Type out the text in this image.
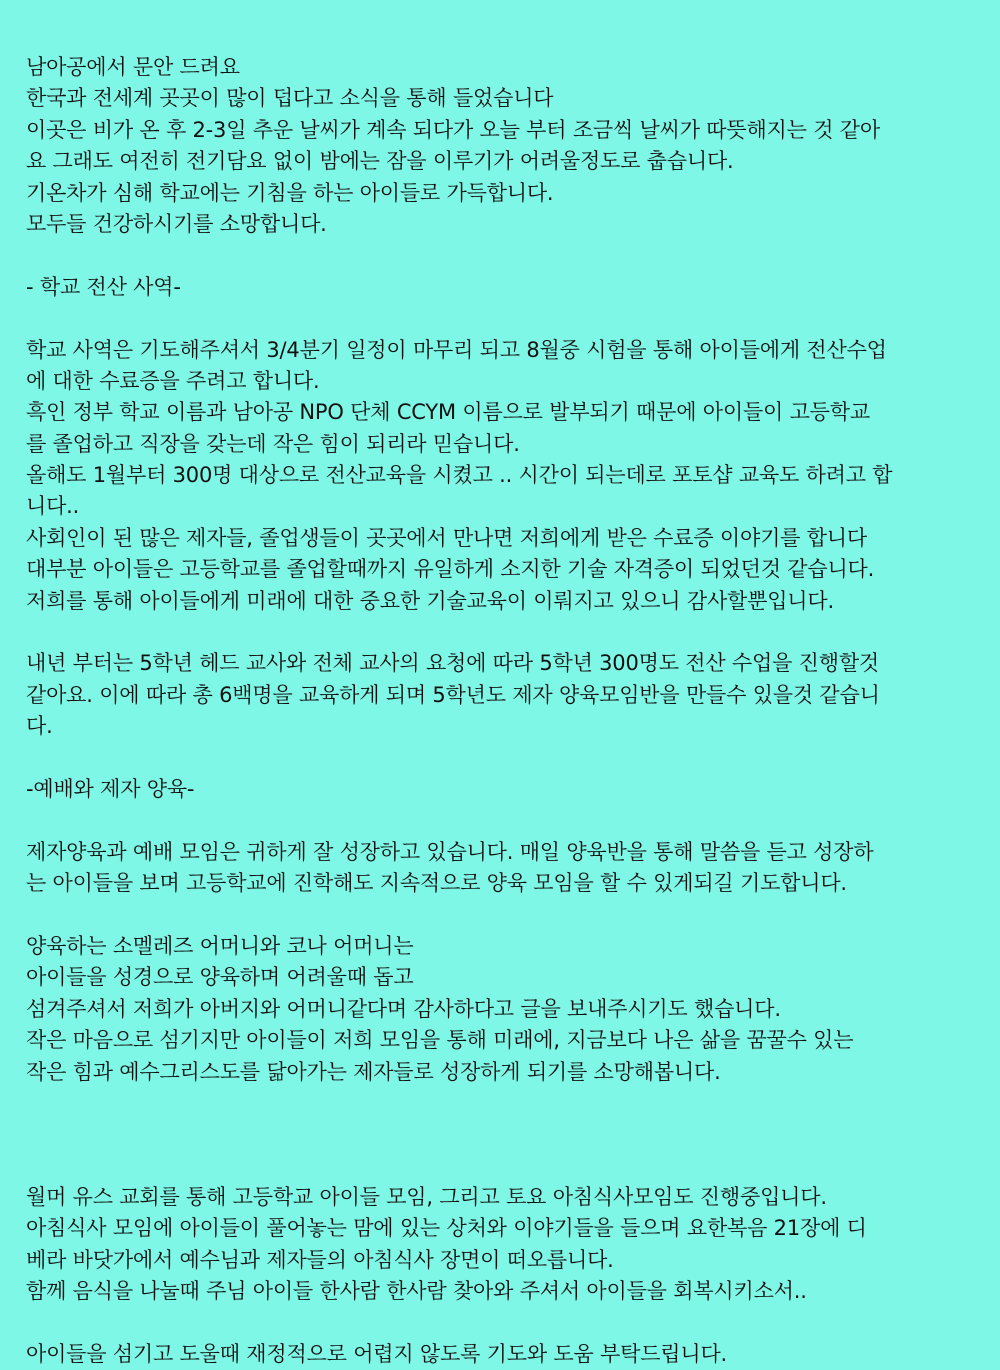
남아공에서 문안 드려요
한국과 전세계 곳곳이 많이 덥다고 소식을 통해 들었습니다
이곳은 비가 온 후 2-3일 추운 날씨가 계속 되다가 오늘 부터 조금씩 날씨가 따뜻해지는 것 같아
요 그래도 여전히 전기담요 없이 밤에는 잠을 이루기가 어려울정도로 춥습니다.
기온차가 심해 학교에는 기침을 하는 아이들로 가득합니다.
모두들 건강하시기를 소망합니다.
- 학교 전산 사역-
학교 사역은 기도해주셔서 3/4분기 일정이 마무리 되고 8월중 시험을 통해 아이들에게 전산수업
에 대한 수료증을 주려고 합니다.
흑인 정부 학교 이름과 남아공 NPO 단체 CCYM 이름으로 발부되기 때문에 아이들이 고등학교
를 졸업하고 직장을 갖는데 작은 힘이 되리라 믿습니다.
올해도 1월부터 300명 대상으로 전산교육을 시켰고 .. 시간이 되는데로 포토샵 교육도 하려고 합
니다..
사회인이 된 많은 제자들, 졸업생들이 곳곳에서 만나면 저희에게 받은 수료증 이야기를 합니다
대부분 아이들은 고등학교를 졸업할때까지 유일하게 소지한 기술 자격증이 되었던것 같습니다.
저희를 통해 아이들에게 미래에 대한 중요한 기술교육이 이뤄지고 있으니 감사할뿐입니다.
내년 부터는 5학년 헤드 교사와 전체 교사의 요청에 따라 5학년 300명도 전산 수업을 진행할것
같아요. 이에 따라 총 6백명을 교육하게 되며 5학년도 제자 양육모임반을 만들수 있을것 같습니
다.
-예배와 제자 양육-
제자양육과 예배 모임은 귀하게 잘 성장하고 있습니다. 매일 양육반을 통해 말씀을 듣고 성장하
는 아이들을 보며 고등학교에 진학해도 지속적으로 양육 모임을 할 수 있게되길 기도합니다.
양육하는 소멜레즈 어머니와 코나 어머니는
아이들을 성경으로 양육하며 어려울때 돕고
섬겨주셔서 저희가 아버지와 어머니같다며 감사하다고 글을 보내주시기도 했습니다.
작은 마음으로 섬기지만 아이들이 저희 모임을 통해 미래에, 지금보다 나은 삶을 꿈꿀수 있는
작은 힘과 예수그리스도를 닮아가는 제자들로 성장하게 되기를 소망해봅니다.
월머 유스 교회를 통해 고등학교 아이들 모임, 그리고 토요 아침식사모임도 진행중입니다.
아침식사 모임에 아이들이 풀어놓는 맘에 있는 상처와 이야기들을 들으며 요한복음 21장에 디
베라 바닷가에서 예수님과 제자들의 아침식사 장면이 떠오릅니다.
함께 음식을 나눌때 주님 아이들 한사람 한사람 찾아와 주셔서 아이들을 회복시키소서..
아이들을 섬기고 도울때 재정적으로 어렵지 않도록 기도와 도움 부탁드립니다.
